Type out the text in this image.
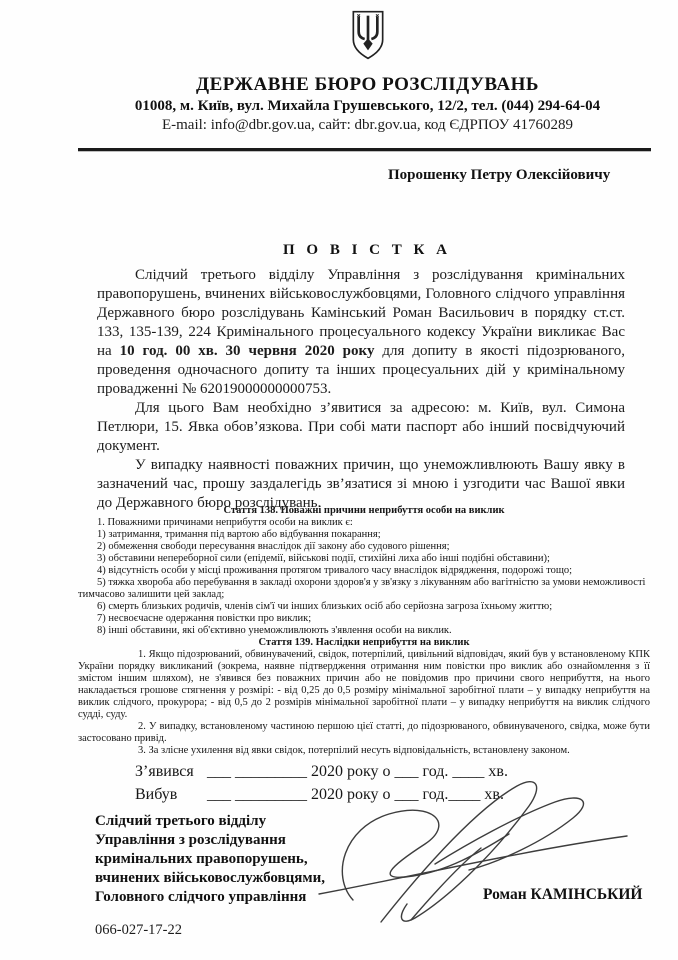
ДЕРЖАВНЕ БЮРО РОЗСЛІДУВАНЬ
01008, м. Київ, вул. Михайла Грушевського, 12/2, тел. (044) 294-64-04
E-mail: info@dbr.gov.ua, сайт: dbr.gov.ua, код ЄДРПОУ 41760289
Порошенку Петру Олексійовичу
П О В І С Т К А

Слідчий третього відділу Управління з розслідування кримінальних правопорушень, вчинених військовослужбовцями, Головного слідчого управління Державного бюро розслідувань Камінський Роман Васильович в порядку ст.ст. 133, 135-139, 224 Кримінального процесуального кодексу України викликає Вас на 10 год. 00 хв. 30 червня 2020 року для допиту в якості підозрюваного, проведення одночасного допиту та інших процесуальних дій у кримінальному провадженні № 62019000000000753.

Для цього Вам необхідно з’явитися за адресою: м. Київ, вул. Симона Петлюри, 15. Явка обов’язкова. При собі мати паспорт або інший посвідчуючий документ.

У випадку наявності поважних причин, що унеможливлюють Вашу явку в зазначений час, прошу заздалегідь зв’язатися зі мною і узгодити час Вашої явки до Державного бюро розслідувань.

Стаття 138. Поважні причини неприбуття особи на виклик
1. Поважними причинами неприбуття особи на виклик є:
1) затримання, тримання під вартою або відбування покарання;
2) обмеження свободи пересування внаслідок дії закону або судового рішення;
3) обставини непереборної сили (епідемії, військові події, стихійні лиха або інші подібні обставини);
4) відсутність особи у місці проживання протягом тривалого часу внаслідок відрядження, подорожі тощо;
5) тяжка хвороба або перебування в закладі охорони здоров'я у зв'язку з лікуванням або вагітністю за умови неможливості тимчасово залишити цей заклад;
6) смерть близьких родичів, членів сім'ї чи інших близьких осіб або серйозна загроза їхньому життю;
7) несвоєчасне одержання повістки про виклик;
8) інші обставини, які об'єктивно унеможливлюють з'явлення особи на виклик.
Стаття 139. Наслідки неприбуття на виклик
1. Якщо підозрюваний, обвинувачений, свідок, потерпілий, цивільний відповідач, який був у встановленому КПК України порядку викликаний (зокрема, наявне підтвердження отримання ним повістки про виклик або ознайомлення з її змістом іншим шляхом), не з'явився без поважних причин або не повідомив про причини свого неприбуття, на нього накладається грошове стягнення у розмірі: - від 0,25 до 0,5 розміру мінімальної заробітної плати – у випадку неприбуття на виклик слідчого, прокурора; - від 0,5 до 2 розмірів мінімальної заробітної плати – у випадку неприбуття на виклик слідчого судді, суду.
2. У випадку, встановленому частиною першою цієї статті, до підозрюваного, обвинуваченого, свідка, може бути застосовано привід.
3. За злісне ухилення від явки свідок, потерпілий несуть відповідальність, встановлену законом.
З’явився ___ _________ 2020 року о ___ год. ____ хв.
Вибув ___ _________ 2020 року о ___ год.____ хв.
Слідчий третього відділу
Управління з розслідування
кримінальних правопорушень,
вчинених військовослужбовцями,
Головного слідчого управління	Роман КАМІНСЬКИЙ
066-027-17-22
